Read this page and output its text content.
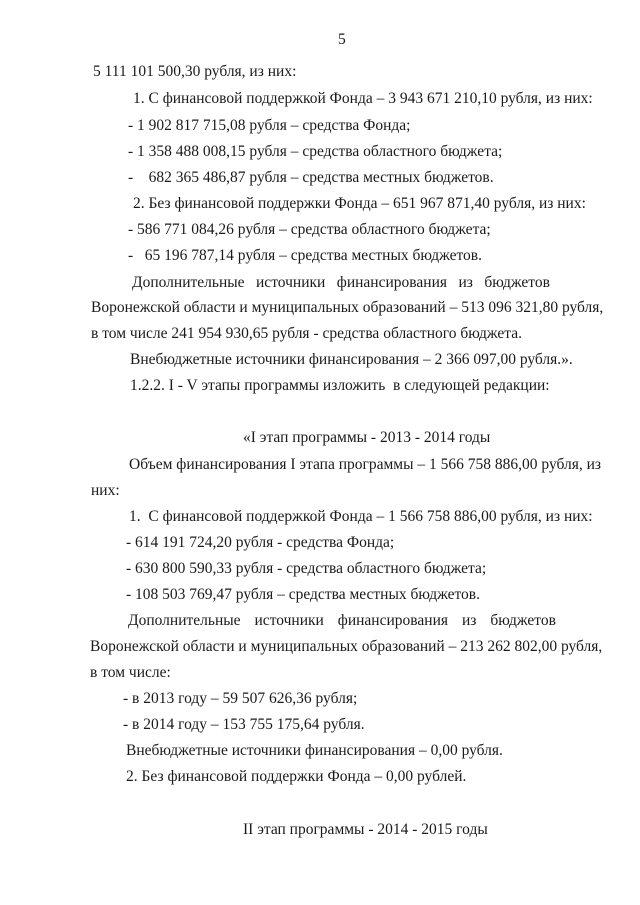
5
5 111 101 500,30 рубля, из них:
1. С финансовой поддержкой Фонда – 3 943 671 210,10 рубля, из них:
- 1 902 817 715,08 рубля – средства Фонда;
- 1 358 488 008,15 рубля – средства областного бюджета;
-    682 365 486,87 рубля – средства местных бюджетов.
2. Без финансовой поддержки Фонда – 651 967 871,40 рубля, из них:
- 586 771 084,26 рубля – средства областного бюджета;
-   65 196 787,14 рубля – средства местных бюджетов.
Дополнительные источники финансирования из бюджетов
Воронежской области и муниципальных образований – 513 096 321,80 рубля,
в том числе 241 954 930,65 рубля - средства областного бюджета.
Внебюджетные источники финансирования – 2 366 097,00 рубля.».
1.2.2. I - V этапы программы изложить  в следующей редакции:
«I этап программы - 2013 - 2014 годы
Объем финансирования I этапа программы – 1 566 758 886,00 рубля, из
них:
1.  С финансовой поддержкой Фонда – 1 566 758 886,00 рубля, из них:
- 614 191 724,20 рубля - средства Фонда;
- 630 800 590,33 рубля - средства областного бюджета;
- 108 503 769,47 рубля – средства местных бюджетов.
Дополнительные источники финансирования из бюджетов
Воронежской области и муниципальных образований – 213 262 802,00 рубля,
в том числе:
- в 2013 году – 59 507 626,36 рубля;
- в 2014 году – 153 755 175,64 рубля.
Внебюджетные источники финансирования – 0,00 рубля.
2. Без финансовой поддержки Фонда – 0,00 рублей.
II этап программы - 2014 - 2015 годы
